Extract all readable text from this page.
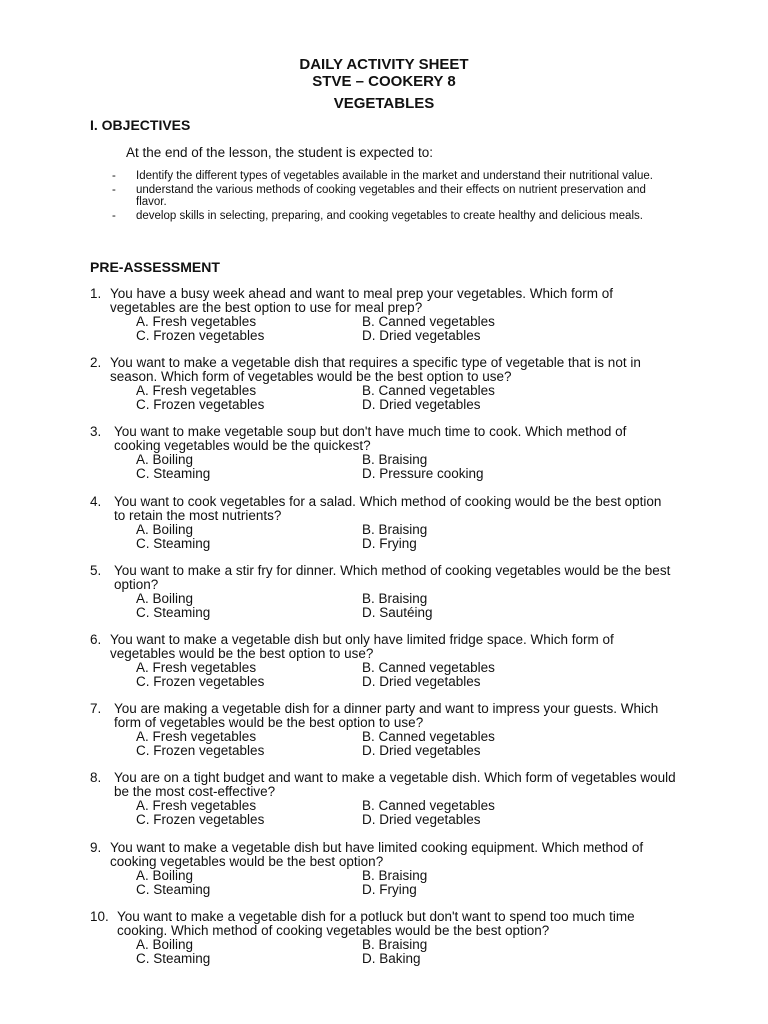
DAILY ACTIVITY SHEET
STVE – COOKERY 8
VEGETABLES
I. OBJECTIVES
At the end of the lesson, the student is expected to:
- Identify the different types of vegetables available in the market and understand their nutritional value.
- understand the various methods of cooking vegetables and their effects on nutrient preservation and flavor.
- develop skills in selecting, preparing, and cooking vegetables to create healthy and delicious meals.
PRE-ASSESSMENT
1. You have a busy week ahead and want to meal prep your vegetables. Which form of
vegetables are the best option to use for meal prep?
A. Fresh vegetables	B. Canned vegetables
C. Frozen vegetables	D. Dried vegetables
2. You want to make a vegetable dish that requires a specific type of vegetable that is not in
season. Which form of vegetables would be the best option to use?
A. Fresh vegetables	B. Canned vegetables
C. Frozen vegetables	D. Dried vegetables
3. You want to make vegetable soup but don't have much time to cook. Which method of
cooking vegetables would be the quickest?
A. Boiling	B. Braising
C. Steaming	D. Pressure cooking
4. You want to cook vegetables for a salad. Which method of cooking would be the best option
to retain the most nutrients?
A. Boiling	B. Braising
C. Steaming	D. Frying
5. You want to make a stir fry for dinner. Which method of cooking vegetables would be the best
option?
A. Boiling	B. Braising
C. Steaming	D. Sautéing
6. You want to make a vegetable dish but only have limited fridge space. Which form of
vegetables would be the best option to use?
A. Fresh vegetables	B. Canned vegetables
C. Frozen vegetables	D. Dried vegetables
7. You are making a vegetable dish for a dinner party and want to impress your guests. Which
form of vegetables would be the best option to use?
A. Fresh vegetables	B. Canned vegetables
C. Frozen vegetables	D. Dried vegetables
8. You are on a tight budget and want to make a vegetable dish. Which form of vegetables would
be the most cost-effective?
A. Fresh vegetables	B. Canned vegetables
C. Frozen vegetables	D. Dried vegetables
9. You want to make a vegetable dish but have limited cooking equipment. Which method of
cooking vegetables would be the best option?
A. Boiling	B. Braising
C. Steaming	D. Frying
10. You want to make a vegetable dish for a potluck but don't want to spend too much time
cooking. Which method of cooking vegetables would be the best option?
A. Boiling	B. Braising
C. Steaming	D. Baking
